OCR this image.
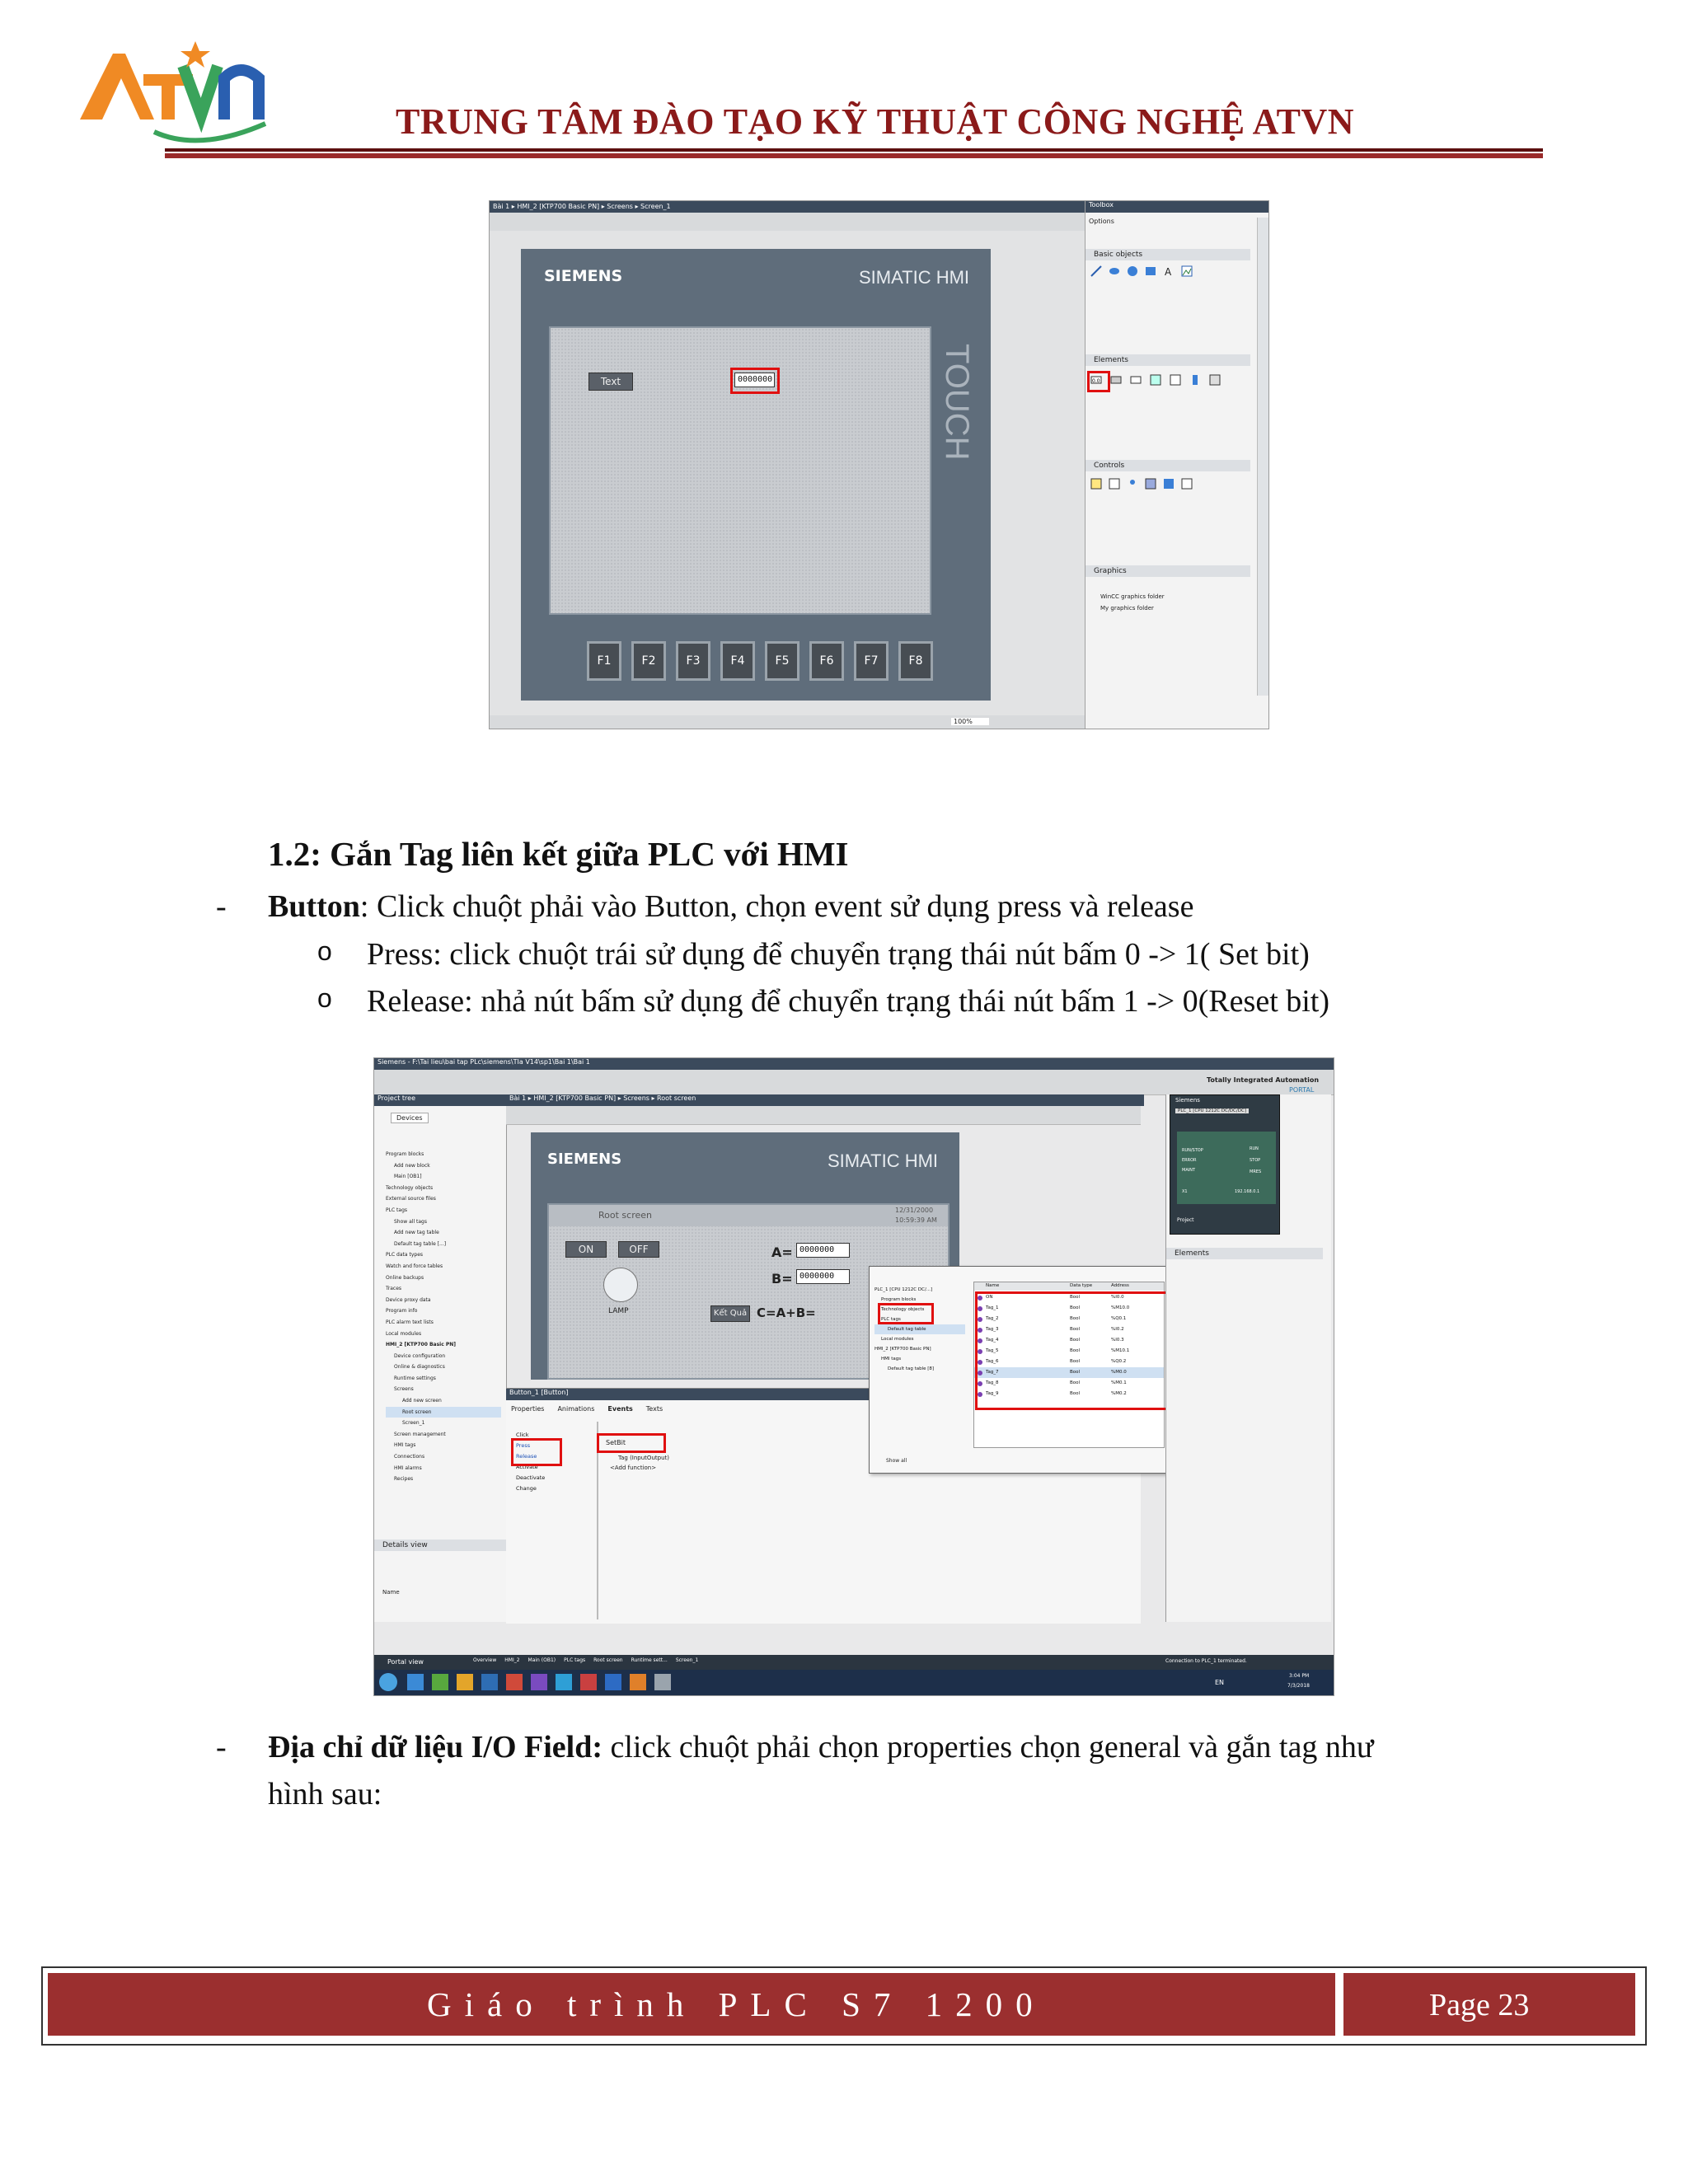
TRUNG TÂM ĐÀO TẠO KỸ THUẬT CÔNG NGHỆ ATVN
Bài 1 ▸ HMI_2 [KTP700 Basic PN] ▸ Screens ▸ Screen_1
SIEMENS	SIMATIC HMI
Text	0000000	TOUCH
F1	F2	F3	F4	F5	F6	F7	F8
100%
Toolbox
Options
Basic objects
A
Elements
0.0
Controls
Graphics
WinCC graphics folder
My graphics folder
1.2: Gắn Tag liên kết giữa PLC với HMI
- Button: Click chuột phải vào Button, chọn event sử dụng press và release
o Press: click chuột trái sử dụng để chuyển trạng thái nút bấm 0 -> 1( Set bit)
o Release: nhả nút bấm sử dụng để chuyển trạng thái nút bấm 1 -> 0(Reset bit)
Siemens - F:\Tai lieu\bai tap PLc\siemens\TIa V14\sp1\Bai 1\Bai 1
Totally Integrated Automation
PORTAL
Project tree
Devices
Program blocks
Add new block
Main [OB1]
Technology objects
External source files
PLC tags
Show all tags
Add new tag table
Default tag table [...]
PLC data types
Watch and force tables
Online backups
Traces
Device proxy data
Program info
PLC alarm text lists
Local modules
HMI_2 [KTP700 Basic PN]
Device configuration
Online & diagnostics
Runtime settings
Screens
Add new screen
Root screen
Screen_1
Screen management
HMI tags
Connections
HMI alarms
Recipes
Details view
Name
Bài 1 ▸ HMI_2 [KTP700 Basic PN] ▸ Screens ▸ Root screen
SIEMENS	SIMATIC HMI
Root screen	12/31/2000
10:59:39 AM
ON	OFF
LAMP
A= 0000000
B= 0000000
Kết Quả C=A+B=
Button_1 [Button]
Properties Animations Events Texts
Click
Press
Release
Activate
Deactivate
Change
SetBit
Tag (InputOutput)
<Add function>
PLC_1 [CPU 1212C DC/...]
Program blocks
Technology objects
PLC tags
Default tag table
Local modules
HMI_2 [KTP700 Basic PN]
HMI tags
Default tag table [8]
Name	Data type	Address
ON	Bool	%I0.0
Tag_1	Bool	%M10.0
Tag_2	Bool	%Q0.1
Tag_3	Bool	%I0.2
Tag_4	Bool	%I0.3
Tag_5	Bool	%M10.1
Tag_6	Bool	%Q0.2
Tag_7	Bool	%M0.0
Tag_8	Bool	%M0.1
Tag_9	Bool	%M0.2
Show all
Siemens
PLC_1 [CPU 1212C DC/DC/DC]
RUN/STOP
ERROR
MAINT
RUN
STOP
MRES
X1	192.168.0.1
Project
Elements
Portal view	Overview HMI_2 Main (OB1) PLC tags Root screen Runtime sett... Screen_1	Connection to PLC_1 terminated.
EN
3:04 PM
7/3/2018
- Địa chỉ dữ liệu I/O Field: click chuột phải chọn properties chọn general và gắn tag như
hình sau:
Giáo trình PLC S7 1200	Page 23
